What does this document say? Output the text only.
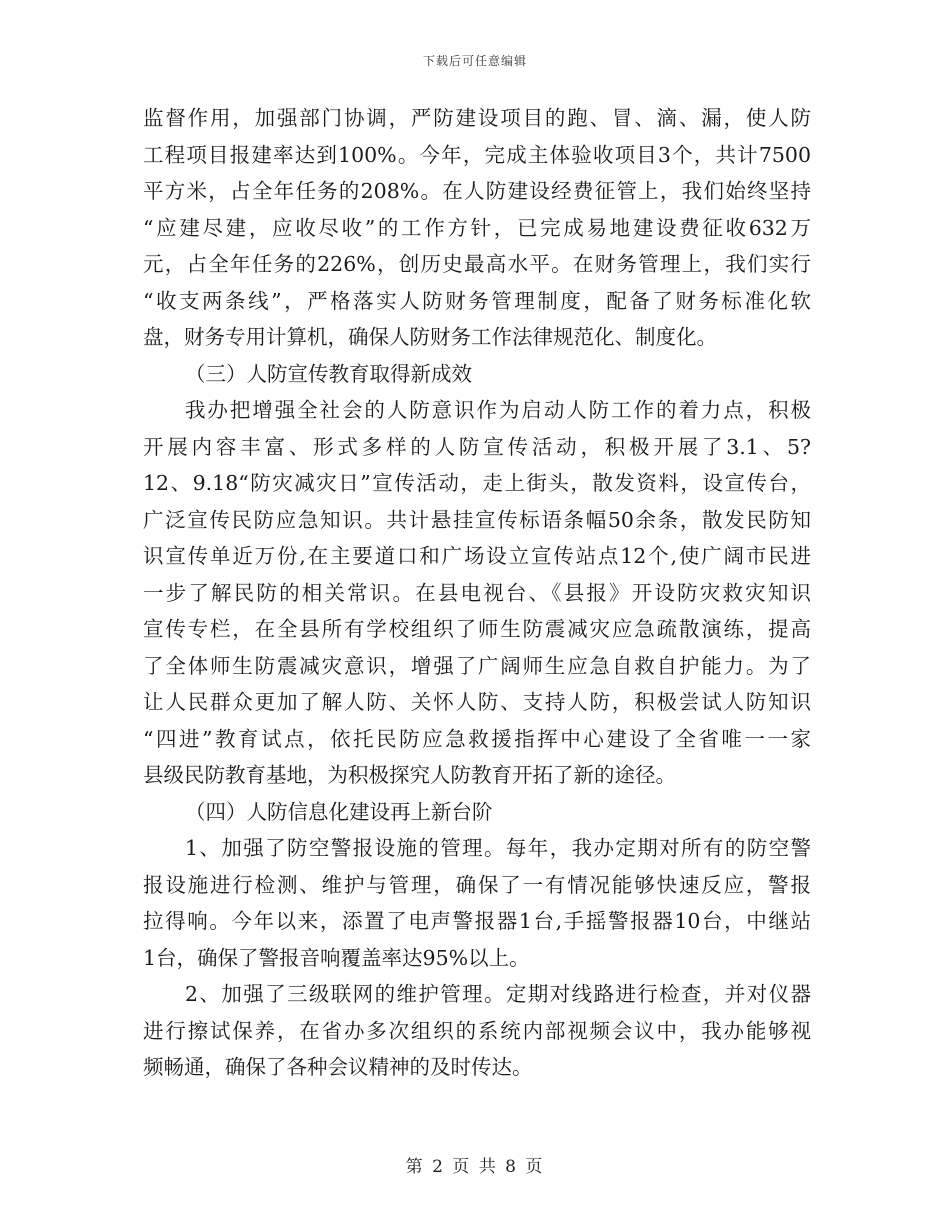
下载后可任意编辑
监督作用，加强部门协调，严防建设项目的跑、冒、滴、漏，使人防
工程项目报建率达到100%。今年，完成主体验收项目3个，共计7500
平方米，占全年任务的208%。在人防建设经费征管上，我们始终坚持
“应建尽建，应收尽收”的工作方针，已完成易地建设费征收632万
元，占全年任务的226%，创历史最高水平。在财务管理上，我们实行
“收支两条线”，严格落实人防财务管理制度，配备了财务标准化软
盘，财务专用计算机，确保人防财务工作法律规范化、制度化。
（三）人防宣传教育取得新成效
我办把增强全社会的人防意识作为启动人防工作的着力点，积极
开展内容丰富、形式多样的人防宣传活动，积极开展了3.1、5?
12、9.18“防灾减灾日”宣传活动，走上街头，散发资料，设宣传台，
广泛宣传民防应急知识。共计悬挂宣传标语条幅50余条，散发民防知
识宣传单近万份,在主要道口和广场设立宣传站点12个,使广阔市民进
一步了解民防的相关常识。在县电视台、《县报》开设防灾救灾知识
宣传专栏，在全县所有学校组织了师生防震减灾应急疏散演练，提高
了全体师生防震减灾意识，增强了广阔师生应急自救自护能力。为了
让人民群众更加了解人防、关怀人防、支持人防，积极尝试人防知识
“四进”教育试点，依托民防应急救援指挥中心建设了全省唯一一家
县级民防教育基地，为积极探究人防教育开拓了新的途径。
（四）人防信息化建设再上新台阶
1、加强了防空警报设施的管理。每年，我办定期对所有的防空警
报设施进行检测、维护与管理，确保了一有情况能够快速反应，警报
拉得响。今年以来，添置了电声警报器1台,手摇警报器10台，中继站
1台，确保了警报音响覆盖率达95%以上。
2、加强了三级联网的维护管理。定期对线路进行检查，并对仪器
进行擦试保养，在省办多次组织的系统内部视频会议中，我办能够视
频畅通，确保了各种会议精神的及时传达。
第 2 页 共 8 页
